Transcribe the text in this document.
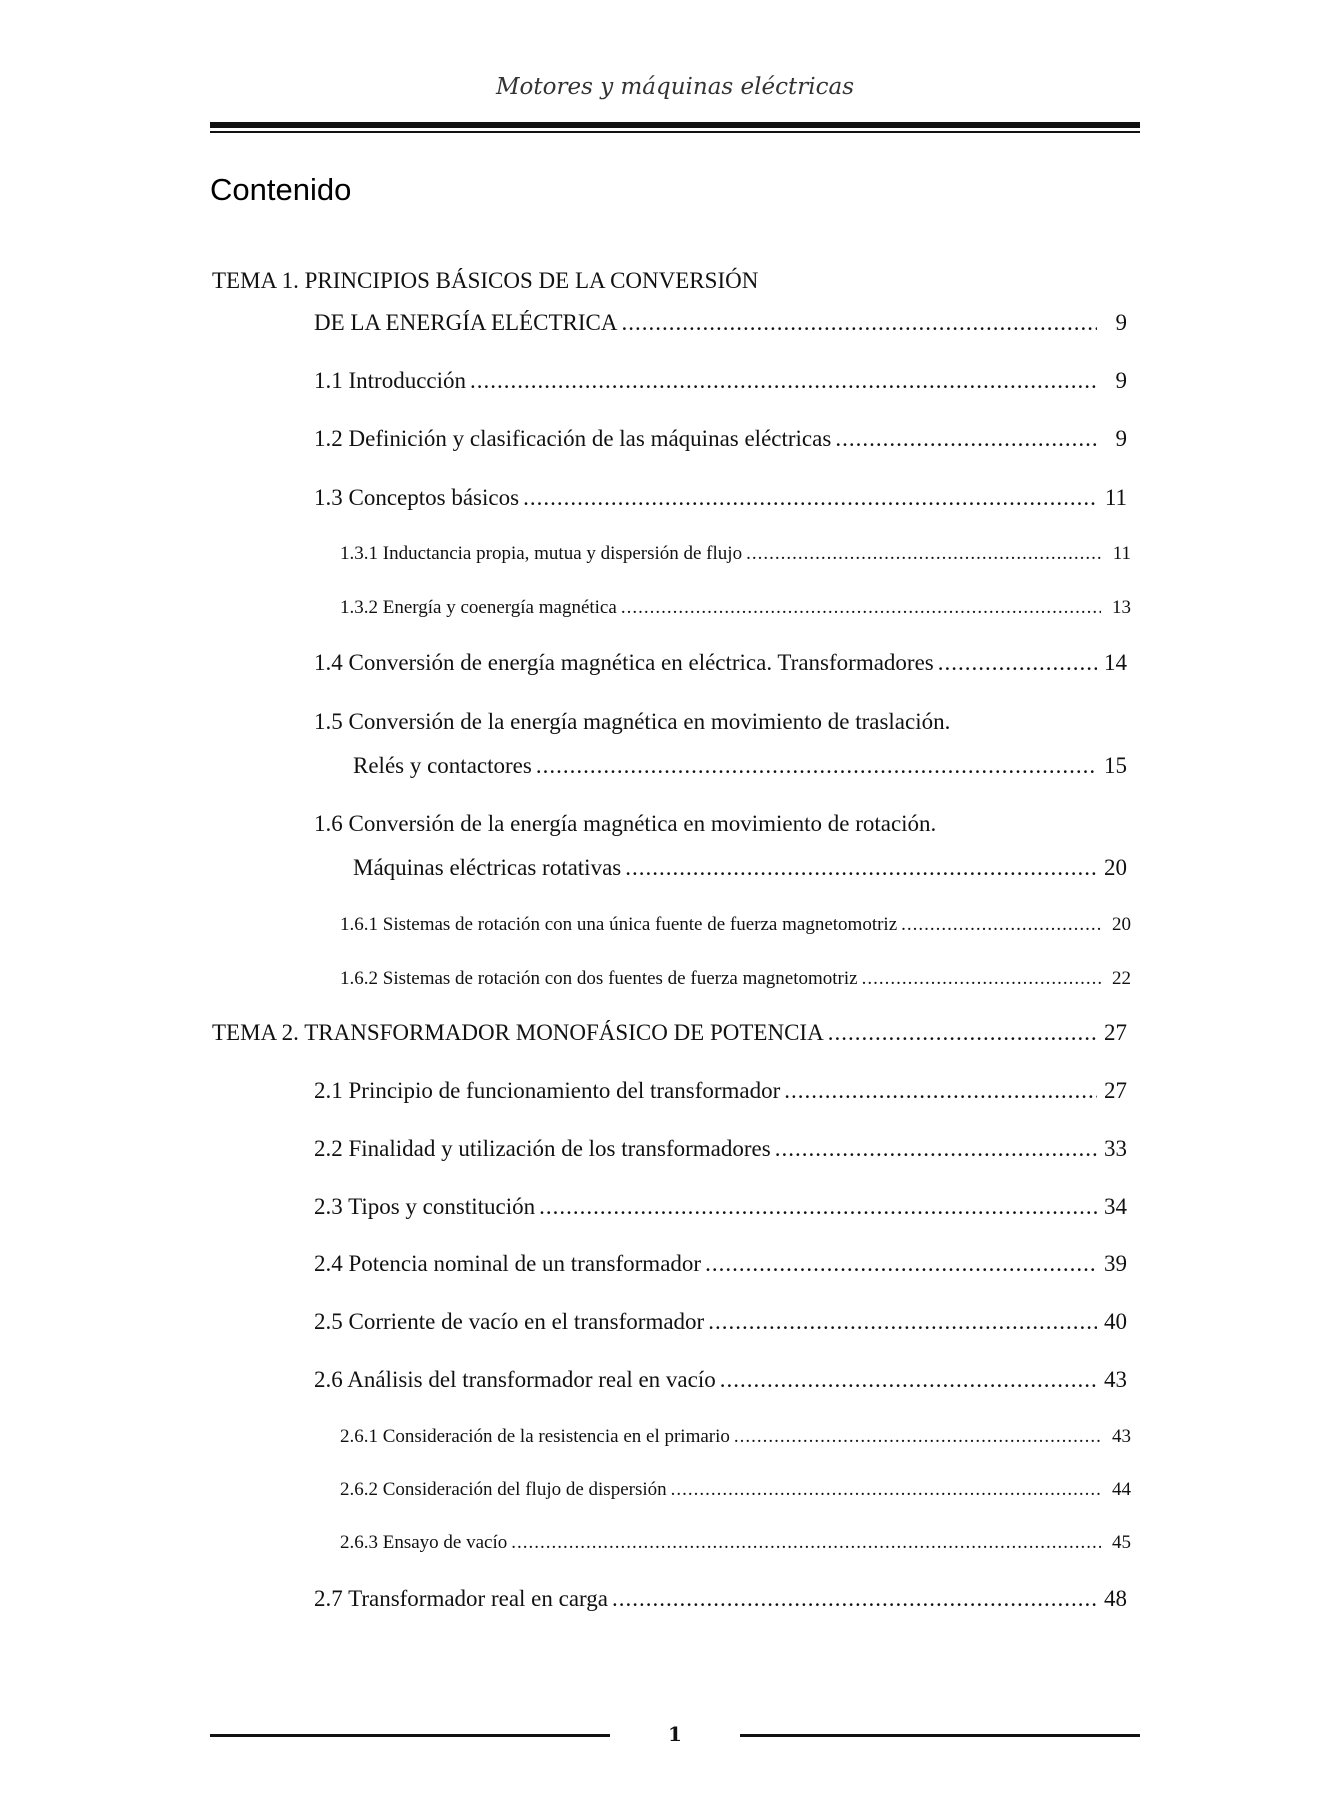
Motores y máquinas eléctricas
Contenido
TEMA 1. PRINCIPIOS BÁSICOS DE LA CONVERSIÓN
DE LA ENERGÍA ELÉCTRICA .....	9
1.1 Introducción .....	9
1.2 Definición y clasificación de las máquinas eléctricas .....	9
1.3 Conceptos básicos .....	11
1.3.1 Inductancia propia, mutua y dispersión de flujo .....	11
1.3.2 Energía y coenergía magnética .....	13
1.4 Conversión de energía magnética en eléctrica. Transformadores .....	14
1.5 Conversión de la energía magnética en movimiento de traslación.
Relés y contactores .....	15
1.6 Conversión de la energía magnética en movimiento de rotación.
Máquinas eléctricas rotativas .....	20
1.6.1 Sistemas de rotación con una única fuente de fuerza magnetomotriz .....	20
1.6.2 Sistemas de rotación con dos fuentes de fuerza magnetomotriz .....	22
TEMA 2. TRANSFORMADOR MONOFÁSICO DE POTENCIA .....	27
2.1 Principio de funcionamiento del transformador .....	27
2.2 Finalidad y utilización de los transformadores .....	33
2.3 Tipos y constitución .....	34
2.4 Potencia nominal de un transformador .....	39
2.5 Corriente de vacío en el transformador .....	40
2.6 Análisis del transformador real en vacío .....	43
2.6.1 Consideración de la resistencia en el primario .....	43
2.6.2 Consideración del flujo de dispersión .....	44
2.6.3 Ensayo de vacío .....	45
2.7 Transformador real en carga .....	48
1
